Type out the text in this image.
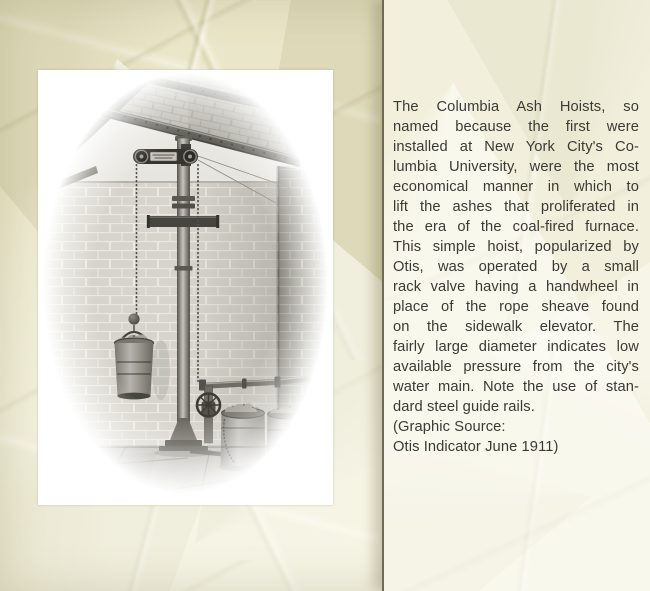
The Columbia Ash Hoists, so
named because the first were
installed at New York City's Co-
lumbia University, were the most
economical manner in which to
lift the ashes that proliferated in
the era of the coal-fired furnace.
This simple hoist, popularized by
Otis, was operated by a small
rack valve having a handwheel in
place of the rope sheave found
on the sidewalk elevator. The
fairly large diameter indicates low
available pressure from the city's
water main. Note the use of stan-
dard steel guide rails.
(Graphic Source:
Otis Indicator June 1911)
